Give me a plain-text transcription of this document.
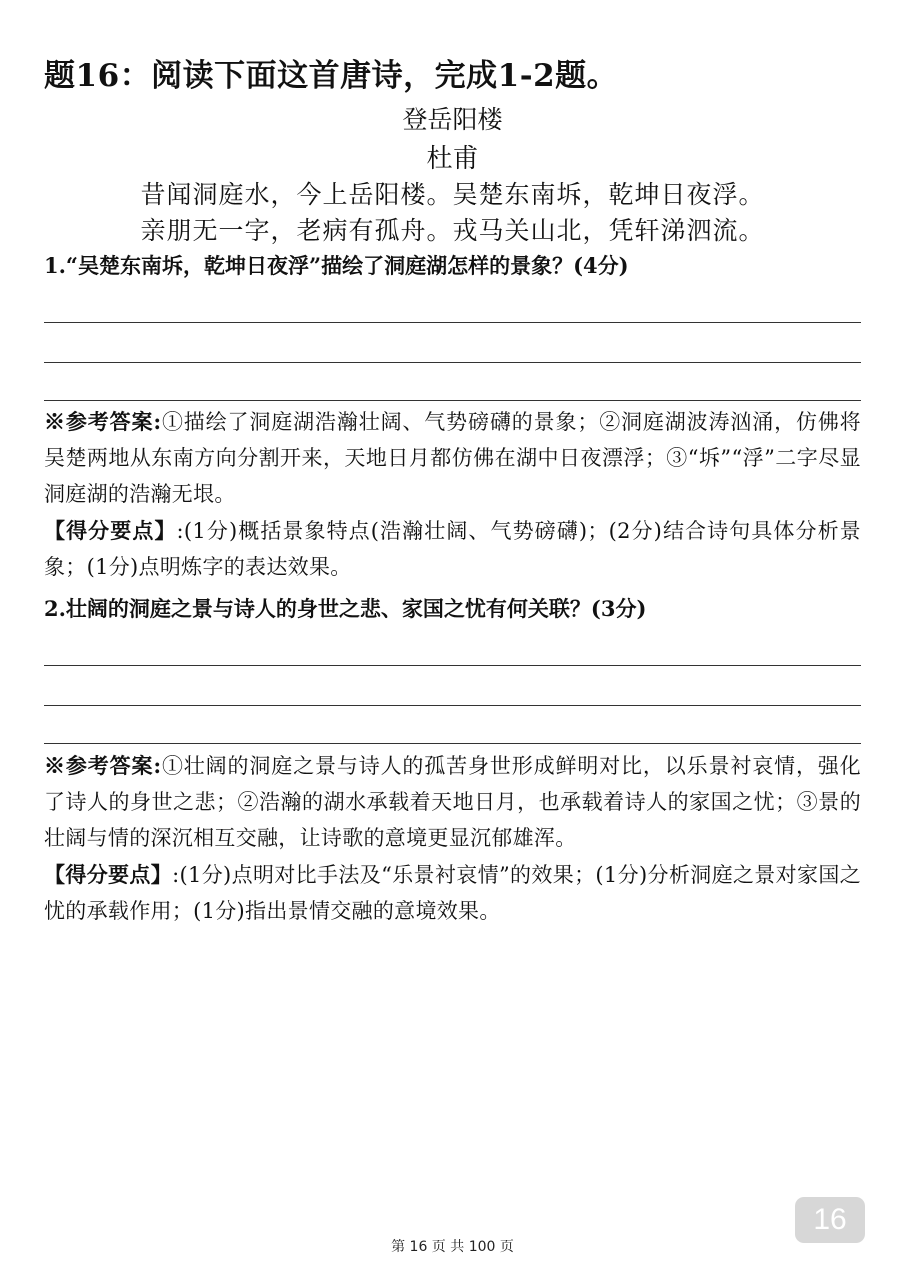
题16：阅读下面这首唐诗，完成1-2题。
登岳阳楼
杜甫
昔闻洞庭水，今上岳阳楼。吴楚东南坼，乾坤日夜浮。
亲朋无一字，老病有孤舟。戎马关山北，凭轩涕泗流。
1.“吴楚东南坼，乾坤日夜浮”描绘了洞庭湖怎样的景象？(4分)
※参考答案:①描绘了洞庭湖浩瀚壮阔、气势磅礴的景象；②洞庭湖波涛汹涌，仿佛将吴楚两地从东南方向分割开来，天地日月都仿佛在湖中日夜漂浮；③“坼”“浮”二字尽显洞庭湖的浩瀚无垠。
【得分要点】:(1分)概括景象特点(浩瀚壮阔、气势磅礴)；(2分)结合诗句具体分析景象；(1分)点明炼字的表达效果。
2.壮阔的洞庭之景与诗人的身世之悲、家国之忧有何关联？(3分)
※参考答案:①壮阔的洞庭之景与诗人的孤苦身世形成鲜明对比，以乐景衬哀情，强化了诗人的身世之悲；②浩瀚的湖水承载着天地日月，也承载着诗人的家国之忧；③景的壮阔与情的深沉相互交融，让诗歌的意境更显沉郁雄浑。
【得分要点】:(1分)点明对比手法及“乐景衬哀情”的效果；(1分)分析洞庭之景对家国之忧的承载作用；(1分)指出景情交融的意境效果。
16
第 16 页 共 100 页
